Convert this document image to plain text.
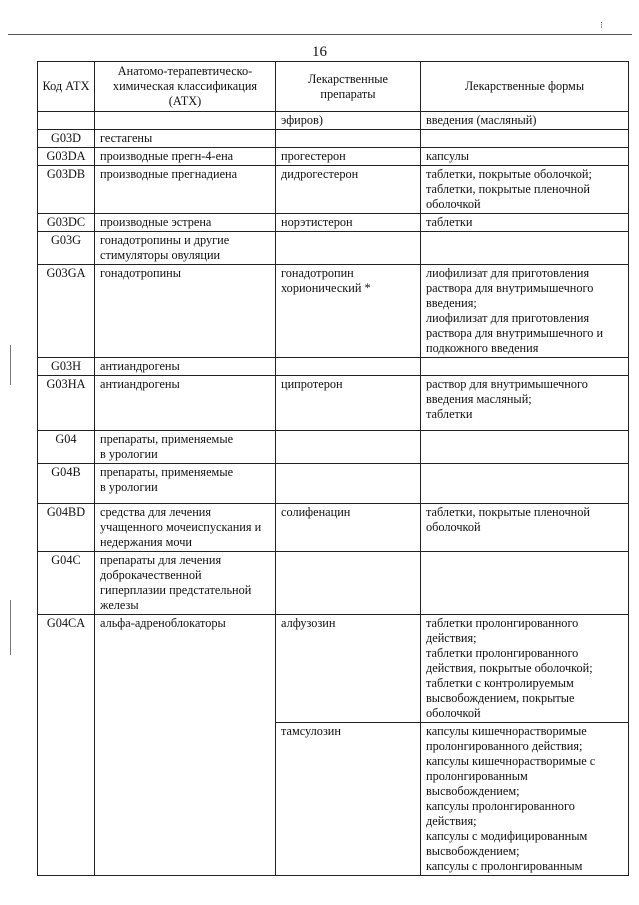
⁝
16
Код АТХ	Анатомо-терапевтическо-химическая классификация (АТХ)	Лекарственные препараты	Лекарственные формы
		эфиров)	введения (масляный)
G03D	гестагены		
G03DA	производные прегн-4-ена	прогестерон	капсулы
G03DB	производные прегнадиена	дидрогестерон	таблетки, покрытые оболочкой;
таблетки, покрытые пленочной оболочкой
G03DC	производные эстрена	норэтистерон	таблетки
G03G	гонадотропины и другие стимуляторы овуляции		
G03GA	гонадотропины	гонадотропин хорионический *	лиофилизат для приготовления раствора для внутримышечного введения;
лиофилизат для приготовления раствора для внутримышечного и подкожного введения
G03H	антиандрогены		
G03HA	антиандрогены	ципротерон	раствор для внутримышечного введения масляный;
таблетки
G04	препараты, применяемые
в урологии		
G04B	препараты, применяемые
в урологии		
G04BD	средства для лечения учащенного мочеиспускания и недержания мочи	солифенацин	таблетки, покрытые пленочной оболочкой
G04C	препараты для лечения доброкачественной гиперплазии предстательной железы		
G04CA	альфа-адреноблокаторы	алфузозин	таблетки пролонгированного действия;
таблетки пролонгированного действия, покрытые оболочкой;
таблетки с контролируемым высвобождением, покрытые оболочкой
		тамсулозин	капсулы кишечнорастворимые пролонгированного действия;
капсулы кишечнорастворимые с пролонгированным высвобождением;
капсулы пролонгированного действия;
капсулы с модифицированным высвобождением;
капсулы с пролонгированным
